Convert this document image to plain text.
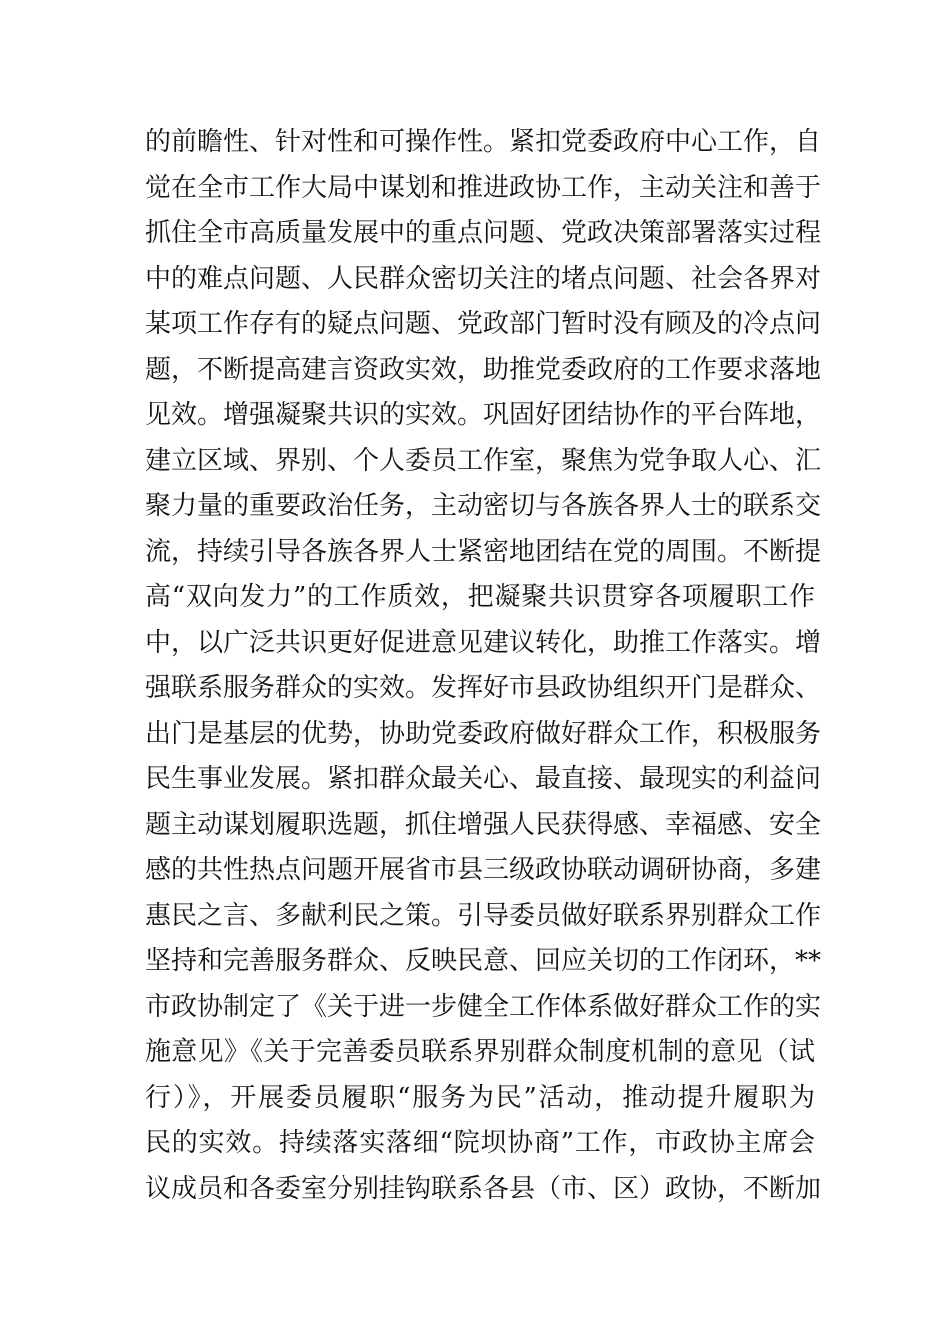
的前瞻性、针对性和可操作性。紧扣党委政府中心工作，自
觉在全市工作大局中谋划和推进政协工作，主动关注和善于
抓住全市高质量发展中的重点问题、党政决策部署落实过程
中的难点问题、人民群众密切关注的堵点问题、社会各界对
某项工作存有的疑点问题、党政部门暂时没有顾及的冷点问
题，不断提高建言资政实效，助推党委政府的工作要求落地
见效。增强凝聚共识的实效。巩固好团结协作的平台阵地，
建立区域、界别、个人委员工作室，聚焦为党争取人心、汇
聚力量的重要政治任务，主动密切与各族各界人士的联系交
流，持续引导各族各界人士紧密地团结在党的周围。不断提
高“双向发力”的工作质效，把凝聚共识贯穿各项履职工作
中，以广泛共识更好促进意见建议转化，助推工作落实。增
强联系服务群众的实效。发挥好市县政协组织开门是群众、
出门是基层的优势，协助党委政府做好群众工作，积极服务
民生事业发展。紧扣群众最关心、最直接、最现实的利益问
题主动谋划履职选题，抓住增强人民获得感、幸福感、安全
感的共性热点问题开展省市县三级政协联动调研协商，多建
惠民之言、多献利民之策。引导委员做好联系界别群众工作
坚持和完善服务群众、反映民意、回应关切的工作闭环，**
市政协制定了《关于进一步健全工作体系做好群众工作的实
施意见》《关于完善委员联系界别群众制度机制的意见（试
行）》，开展委员履职“服务为民”活动，推动提升履职为
民的实效。持续落实落细“院坝协商”工作，市政协主席会
议成员和各委室分别挂钩联系各县（市、区）政协，不断加
